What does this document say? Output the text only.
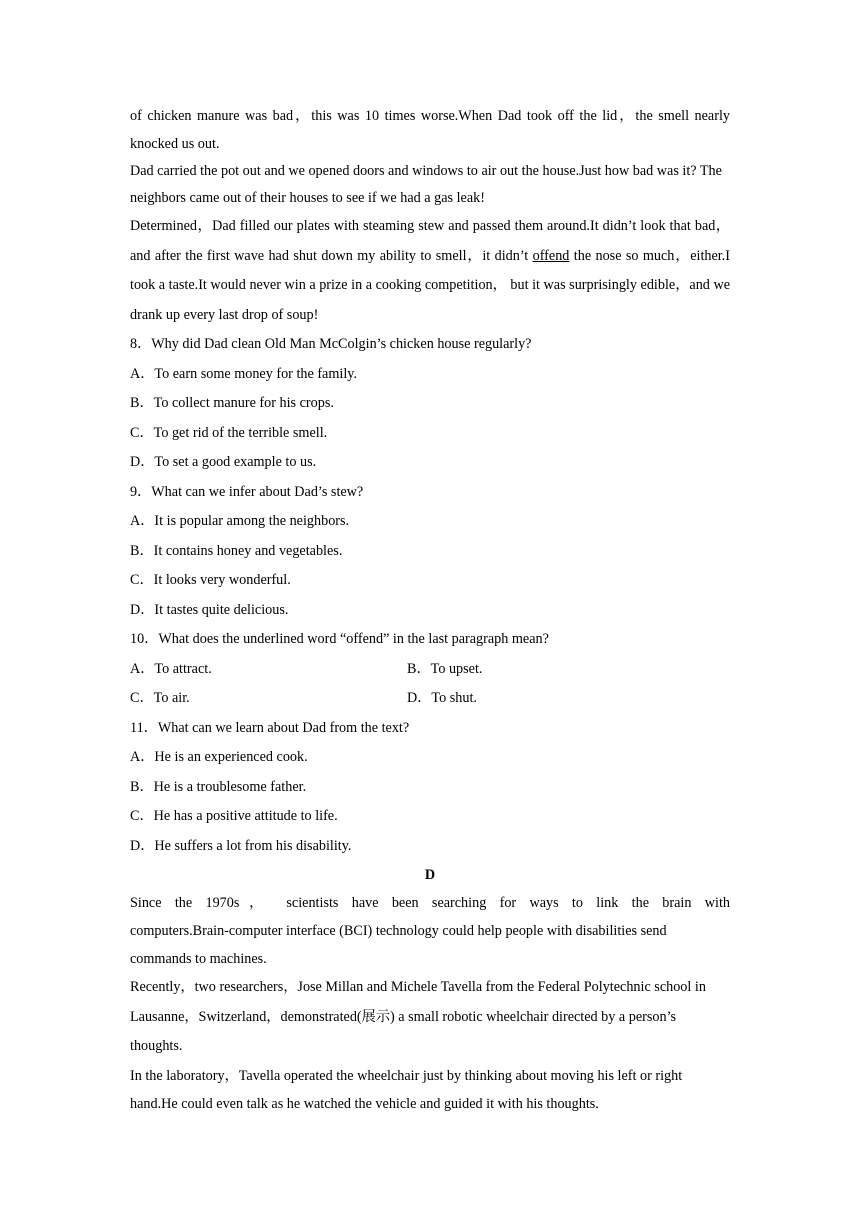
of chicken manure was bad，this was 10 times worse.When Dad took off the lid，the smell nearly

knocked us out.

Dad carried the pot out and we opened doors and windows to air out the house.Just how bad was it? The neighbors came out of their houses to see if we had a gas leak!

Determined，Dad filled our plates with steaming stew and passed them around.It didn’t look that bad，and after the first wave had shut down my ability to smell，it didn’t offend the nose so much，either.I took a taste.It would never win a prize in a cooking competition， but it was surprisingly edible，and we drank up every last drop of soup!

8．Why did Dad clean Old Man McColgin’s chicken house regularly?

A．To earn some money for the family.

B．To collect manure for his crops.

C．To get rid of the terrible smell.

D．To set a good example to us.

9．What can we infer about Dad’s stew?

A．It is popular among the neighbors.

B．It contains honey and vegetables.

C．It looks very wonderful.

D．It tastes quite delicious.

10．What does the underlined word “offend” in the last paragraph mean?

A．To attract.	B．To upset.

C．To air.	D．To shut.

11．What can we learn about Dad from the text?

A．He is an experienced cook.

B．He is a troublesome father.

C．He has a positive attitude to life.

D．He suffers a lot from his disability.

D

Since the 1970s， scientists have been searching for ways to link the brain with

computers.Brain-computer interface (BCI) technology could help people with disabilities send commands to machines.

Recently，two researchers，Jose Millan and Michele Tavella from the Federal Polytechnic school in Lausanne，Switzerland，demonstrated(展示) a small robotic wheelchair directed by a person’s thoughts.

In the laboratory，Tavella operated the wheelchair just by thinking about moving his left or right hand.He could even talk as he watched the vehicle and guided it with his thoughts.
